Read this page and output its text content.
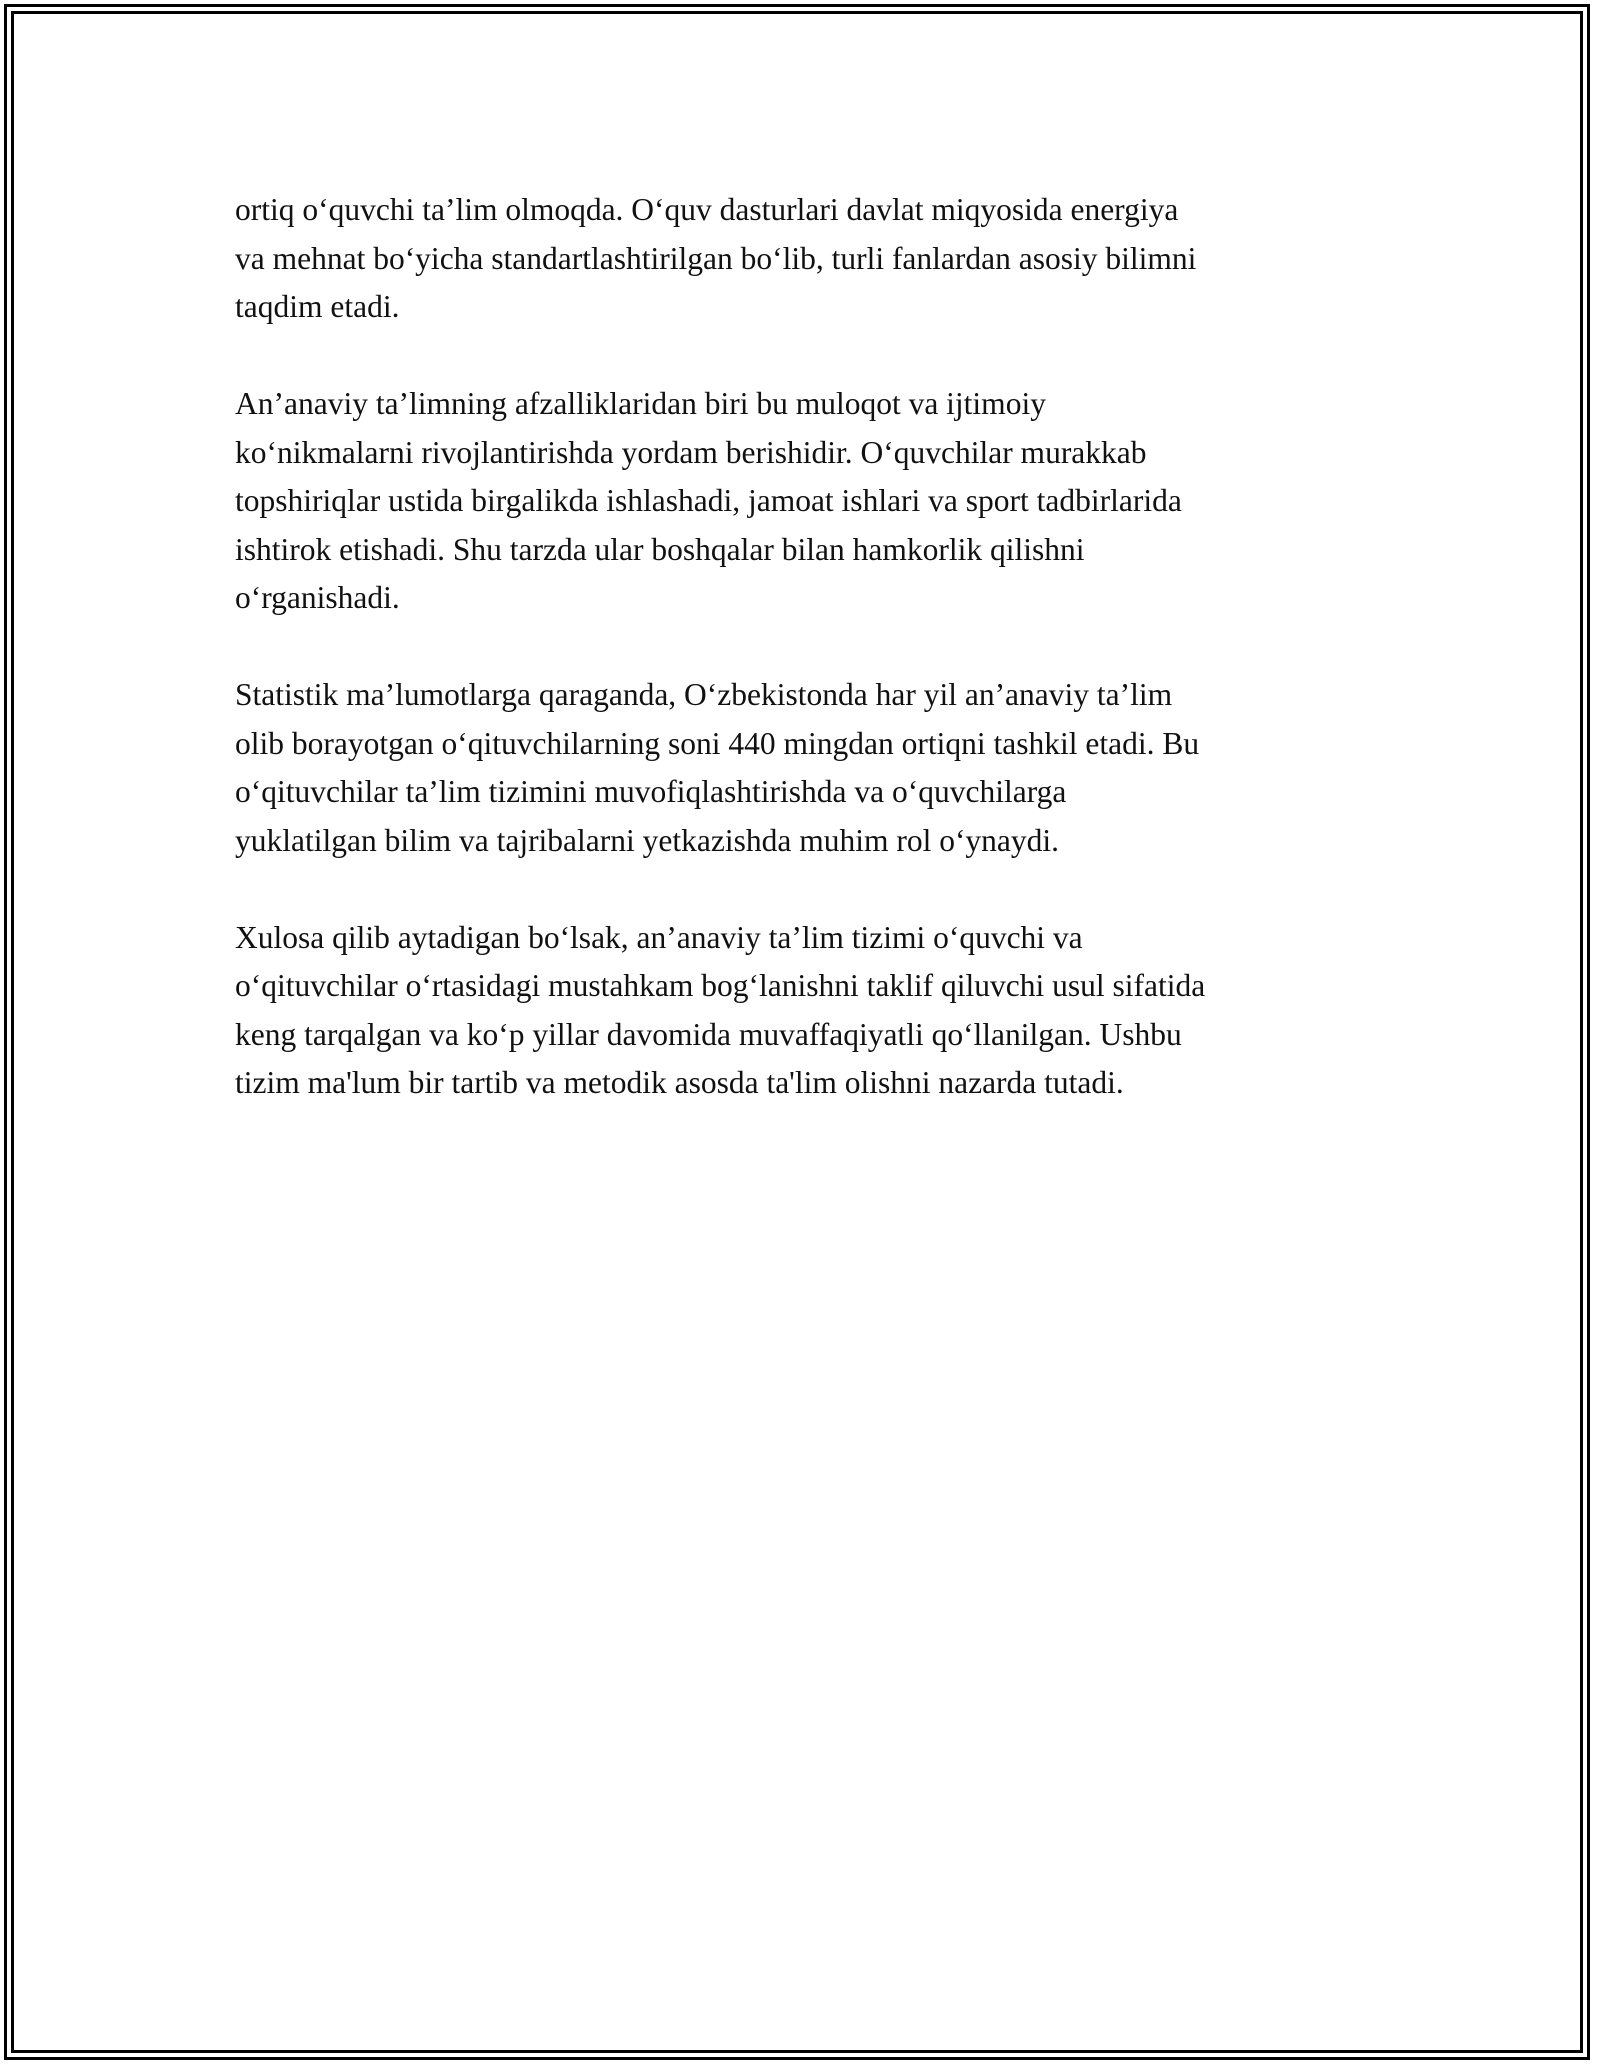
ortiq o‘quvchi ta’lim olmoqda. O‘quv dasturlari davlat miqyosida energiya
va mehnat bo‘yicha standartlashtirilgan bo‘lib, turli fanlardan asosiy bilimni
taqdim etadi.

An’anaviy ta’limning afzalliklaridan biri bu muloqot va ijtimoiy
ko‘nikmalarni rivojlantirishda yordam berishidir. O‘quvchilar murakkab
topshiriqlar ustida birgalikda ishlashadi, jamoat ishlari va sport tadbirlarida
ishtirok etishadi. Shu tarzda ular boshqalar bilan hamkorlik qilishni
o‘rganishadi.

Statistik ma’lumotlarga qaraganda, O‘zbekistonda har yil an’anaviy ta’lim
olib borayotgan o‘qituvchilarning soni 440 mingdan ortiqni tashkil etadi. Bu
o‘qituvchilar ta’lim tizimini muvofiqlashtirishda va o‘quvchilarga
yuklatilgan bilim va tajribalarni yetkazishda muhim rol o‘ynaydi.

Xulosa qilib aytadigan bo‘lsak, an’anaviy ta’lim tizimi o‘quvchi va
o‘qituvchilar o‘rtasidagi mustahkam bog‘lanishni taklif qiluvchi usul sifatida
keng tarqalgan va ko‘p yillar davomida muvaffaqiyatli qo‘llanilgan. Ushbu
tizim ma'lum bir tartib va metodik asosda ta'lim olishni nazarda tutadi.
